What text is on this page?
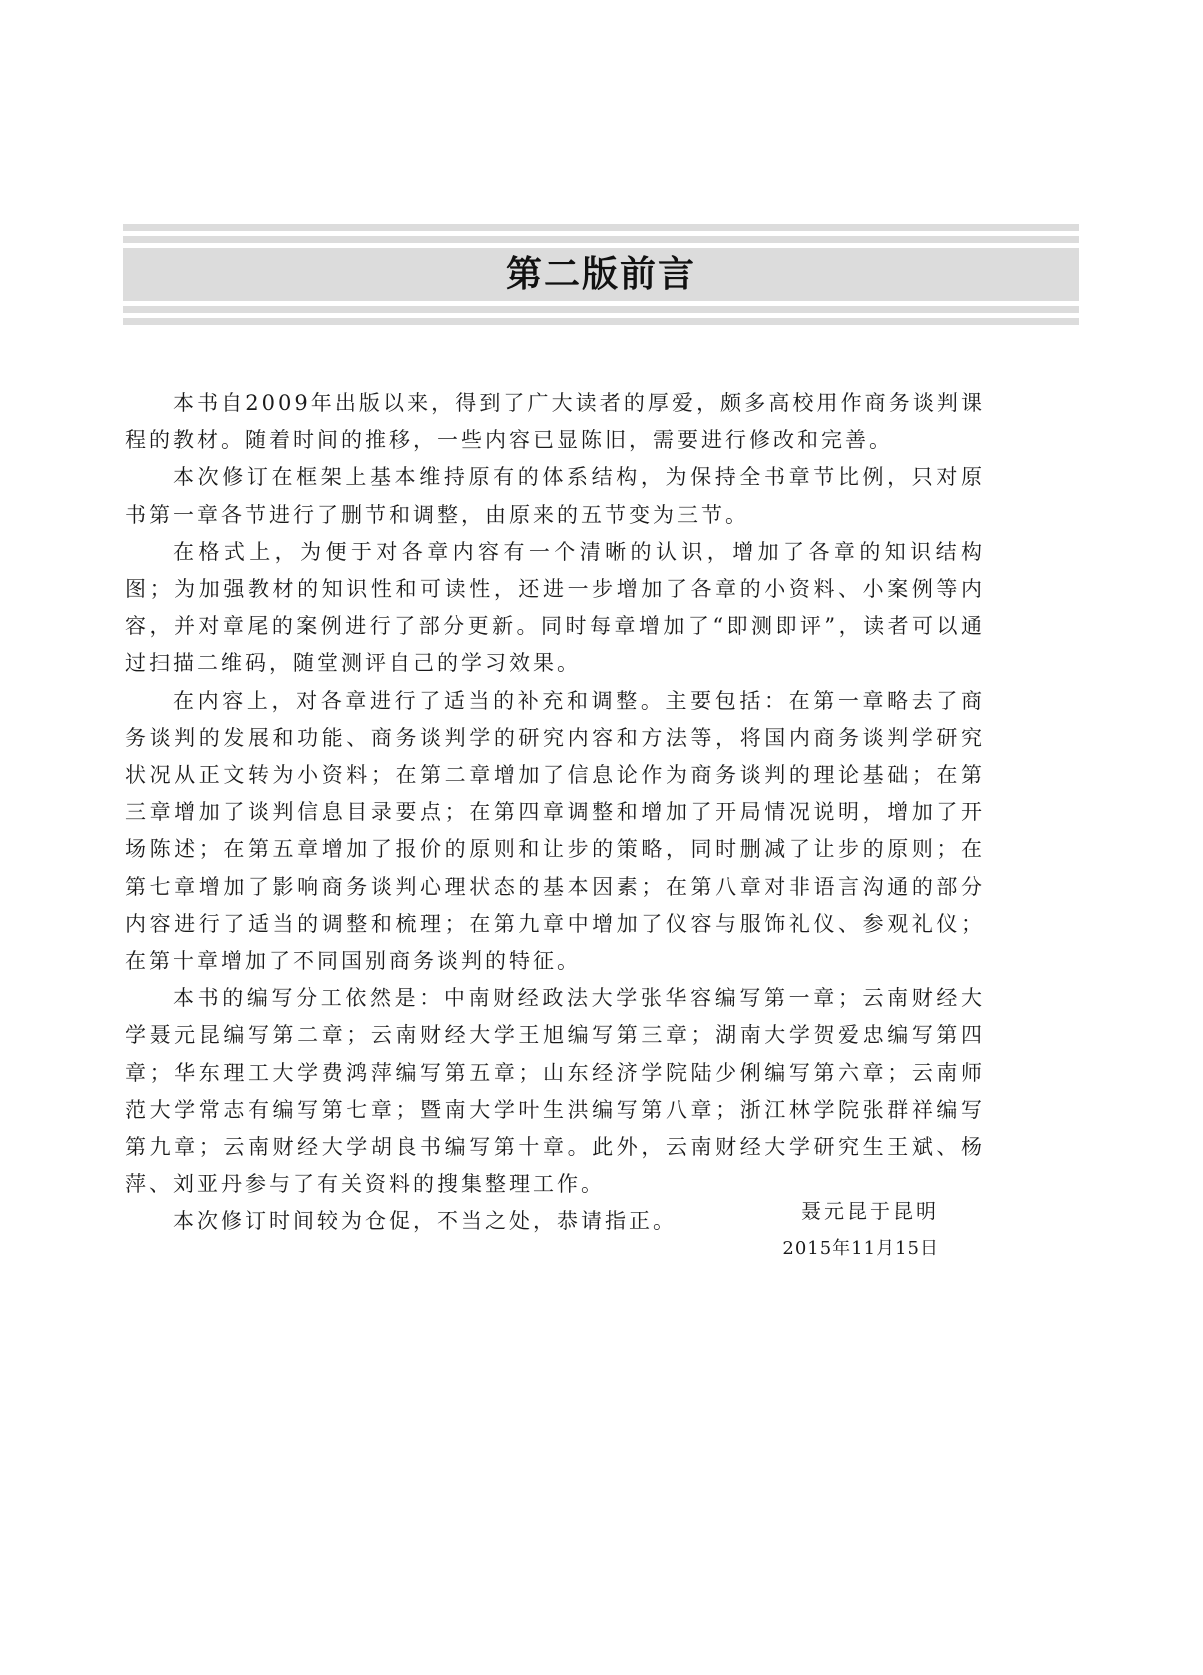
第二版前言

本书自2009年出版以来，得到了广大读者的厚爱，颇多高校用作商务谈判课程的教材。随着时间的推移，一些内容已显陈旧，需要进行修改和完善。

本次修订在框架上基本维持原有的体系结构，为保持全书章节比例，只对原书第一章各节进行了删节和调整，由原来的五节变为三节。

在格式上，为便于对各章内容有一个清晰的认识，增加了各章的知识结构图；为加强教材的知识性和可读性，还进一步增加了各章的小资料、小案例等内容，并对章尾的案例进行了部分更新。同时每章增加了“即测即评”，读者可以通过扫描二维码，随堂测评自己的学习效果。

在内容上，对各章进行了适当的补充和调整。主要包括：在第一章略去了商务谈判的发展和功能、商务谈判学的研究内容和方法等，将国内商务谈判学研究状况从正文转为小资料；在第二章增加了信息论作为商务谈判的理论基础；在第三章增加了谈判信息目录要点；在第四章调整和增加了开局情况说明，增加了开场陈述；在第五章增加了报价的原则和让步的策略，同时删减了让步的原则；在第七章增加了影响商务谈判心理状态的基本因素；在第八章对非语言沟通的部分内容进行了适当的调整和梳理；在第九章中增加了仪容与服饰礼仪、参观礼仪；在第十章增加了不同国别商务谈判的特征。

本书的编写分工依然是：中南财经政法大学张华容编写第一章；云南财经大学聂元昆编写第二章；云南财经大学王旭编写第三章；湖南大学贺爱忠编写第四章；华东理工大学费鸿萍编写第五章；山东经济学院陆少俐编写第六章；云南师范大学常志有编写第七章；暨南大学叶生洪编写第八章；浙江林学院张群祥编写第九章；云南财经大学胡良书编写第十章。此外，云南财经大学研究生王斌、杨萍、刘亚丹参与了有关资料的搜集整理工作。

本次修订时间较为仓促，不当之处，恭请指正。	聂元昆于昆明
2015年11月15日
